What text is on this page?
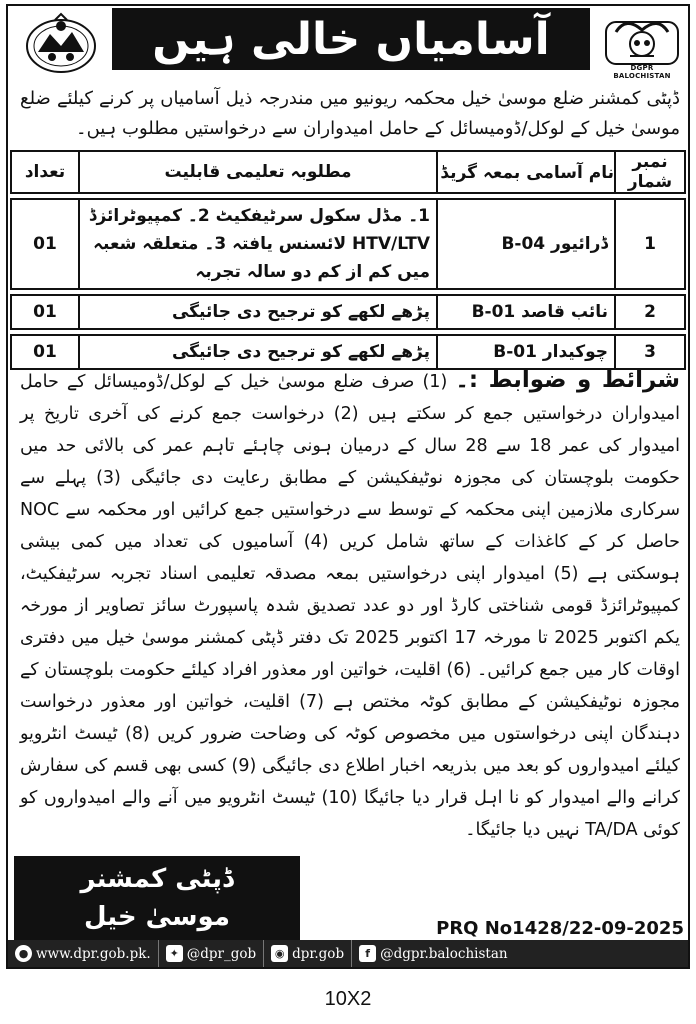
آسامیاں خالی ہیں
DGPR BALOCHISTAN

ڈپٹی کمشنر ضلع موسیٰ خیل محکمہ ریونیو میں مندرجہ ذیل آسامیاں پر کرنے کیلئے ضلع موسیٰ خیل کے لوکل/ڈومیسائل کے حامل امیدواران سے درخواستیں مطلوب ہیں۔

نمبر شمار	نام آسامی بمعہ گریڈ	مطلوبہ تعلیمی قابلیت	تعداد
1	ڈرائیور B-04	1۔ مڈل سکول سرٹیفکیٹ 2۔ کمپیوٹرائزڈ HTV/LTV لائسنس یافتہ 3۔ متعلقہ شعبہ میں کم از کم دو سالہ تجربہ	01
2	نائب قاصد B-01	پڑھے لکھے کو ترجیح دی جائیگی	01
3	چوکیدار B-01	پڑھے لکھے کو ترجیح دی جائیگی	01

شرائط و ضوابط :۔ (1) صرف ضلع موسیٰ خیل کے لوکل/ڈومیسائل کے حامل امیدواران درخواستیں جمع کر سکتے ہیں (2) درخواست جمع کرنے کی آخری تاریخ پر امیدوار کی عمر 18 سے 28 سال کے درمیان ہونی چاہئے تاہم عمر کی بالائی حد میں حکومت بلوچستان کی مجوزہ نوٹیفکیشن کے مطابق رعایت دی جائیگی (3) پہلے سے سرکاری ملازمین اپنی محکمہ کے توسط سے درخواستیں جمع کرائیں اور محکمہ سے NOC حاصل کر کے کاغذات کے ساتھ شامل کریں (4) آسامیوں کی تعداد میں کمی بیشی ہوسکتی ہے (5) امیدوار اپنی درخواستیں بمعہ مصدقہ تعلیمی اسناد تجربہ سرٹیفکیٹ، کمپیوٹرائزڈ قومی شناختی کارڈ اور دو عدد تصدیق شدہ پاسپورٹ سائز تصاویر از مورخہ یکم اکتوبر 2025 تا مورخہ 17 اکتوبر 2025 تک دفتر ڈپٹی کمشنر موسیٰ خیل میں دفتری اوقات کار میں جمع کرائیں۔ (6) اقلیت، خواتین اور معذور افراد کیلئے حکومت بلوچستان کے مجوزہ نوٹیفکیشن کے مطابق کوٹہ مختص ہے (7) اقلیت، خواتین اور معذور درخواست دہندگان اپنی درخواستوں میں مخصوص کوٹہ کی وضاحت ضرور کریں (8) ٹیسٹ انٹرویو کیلئے امیدواروں کو بعد میں بذریعہ اخبار اطلاع دی جائیگی (9) کسی بھی قسم کی سفارش کرانے والے امیدوار کو نا اہل قرار دیا جائیگا (10) ٹیسٹ انٹرویو میں آنے والے امیدواروں کو کوئی TA/DA نہیں دیا جائیگا۔

ڈپٹی کمشنر
موسیٰ خیل	PRQ No1428/22-09-2025
● www.dpr.gob.pk.	✦ @dpr_gob	◉ dpr.gob	f @dgpr.balochistan
10X2
